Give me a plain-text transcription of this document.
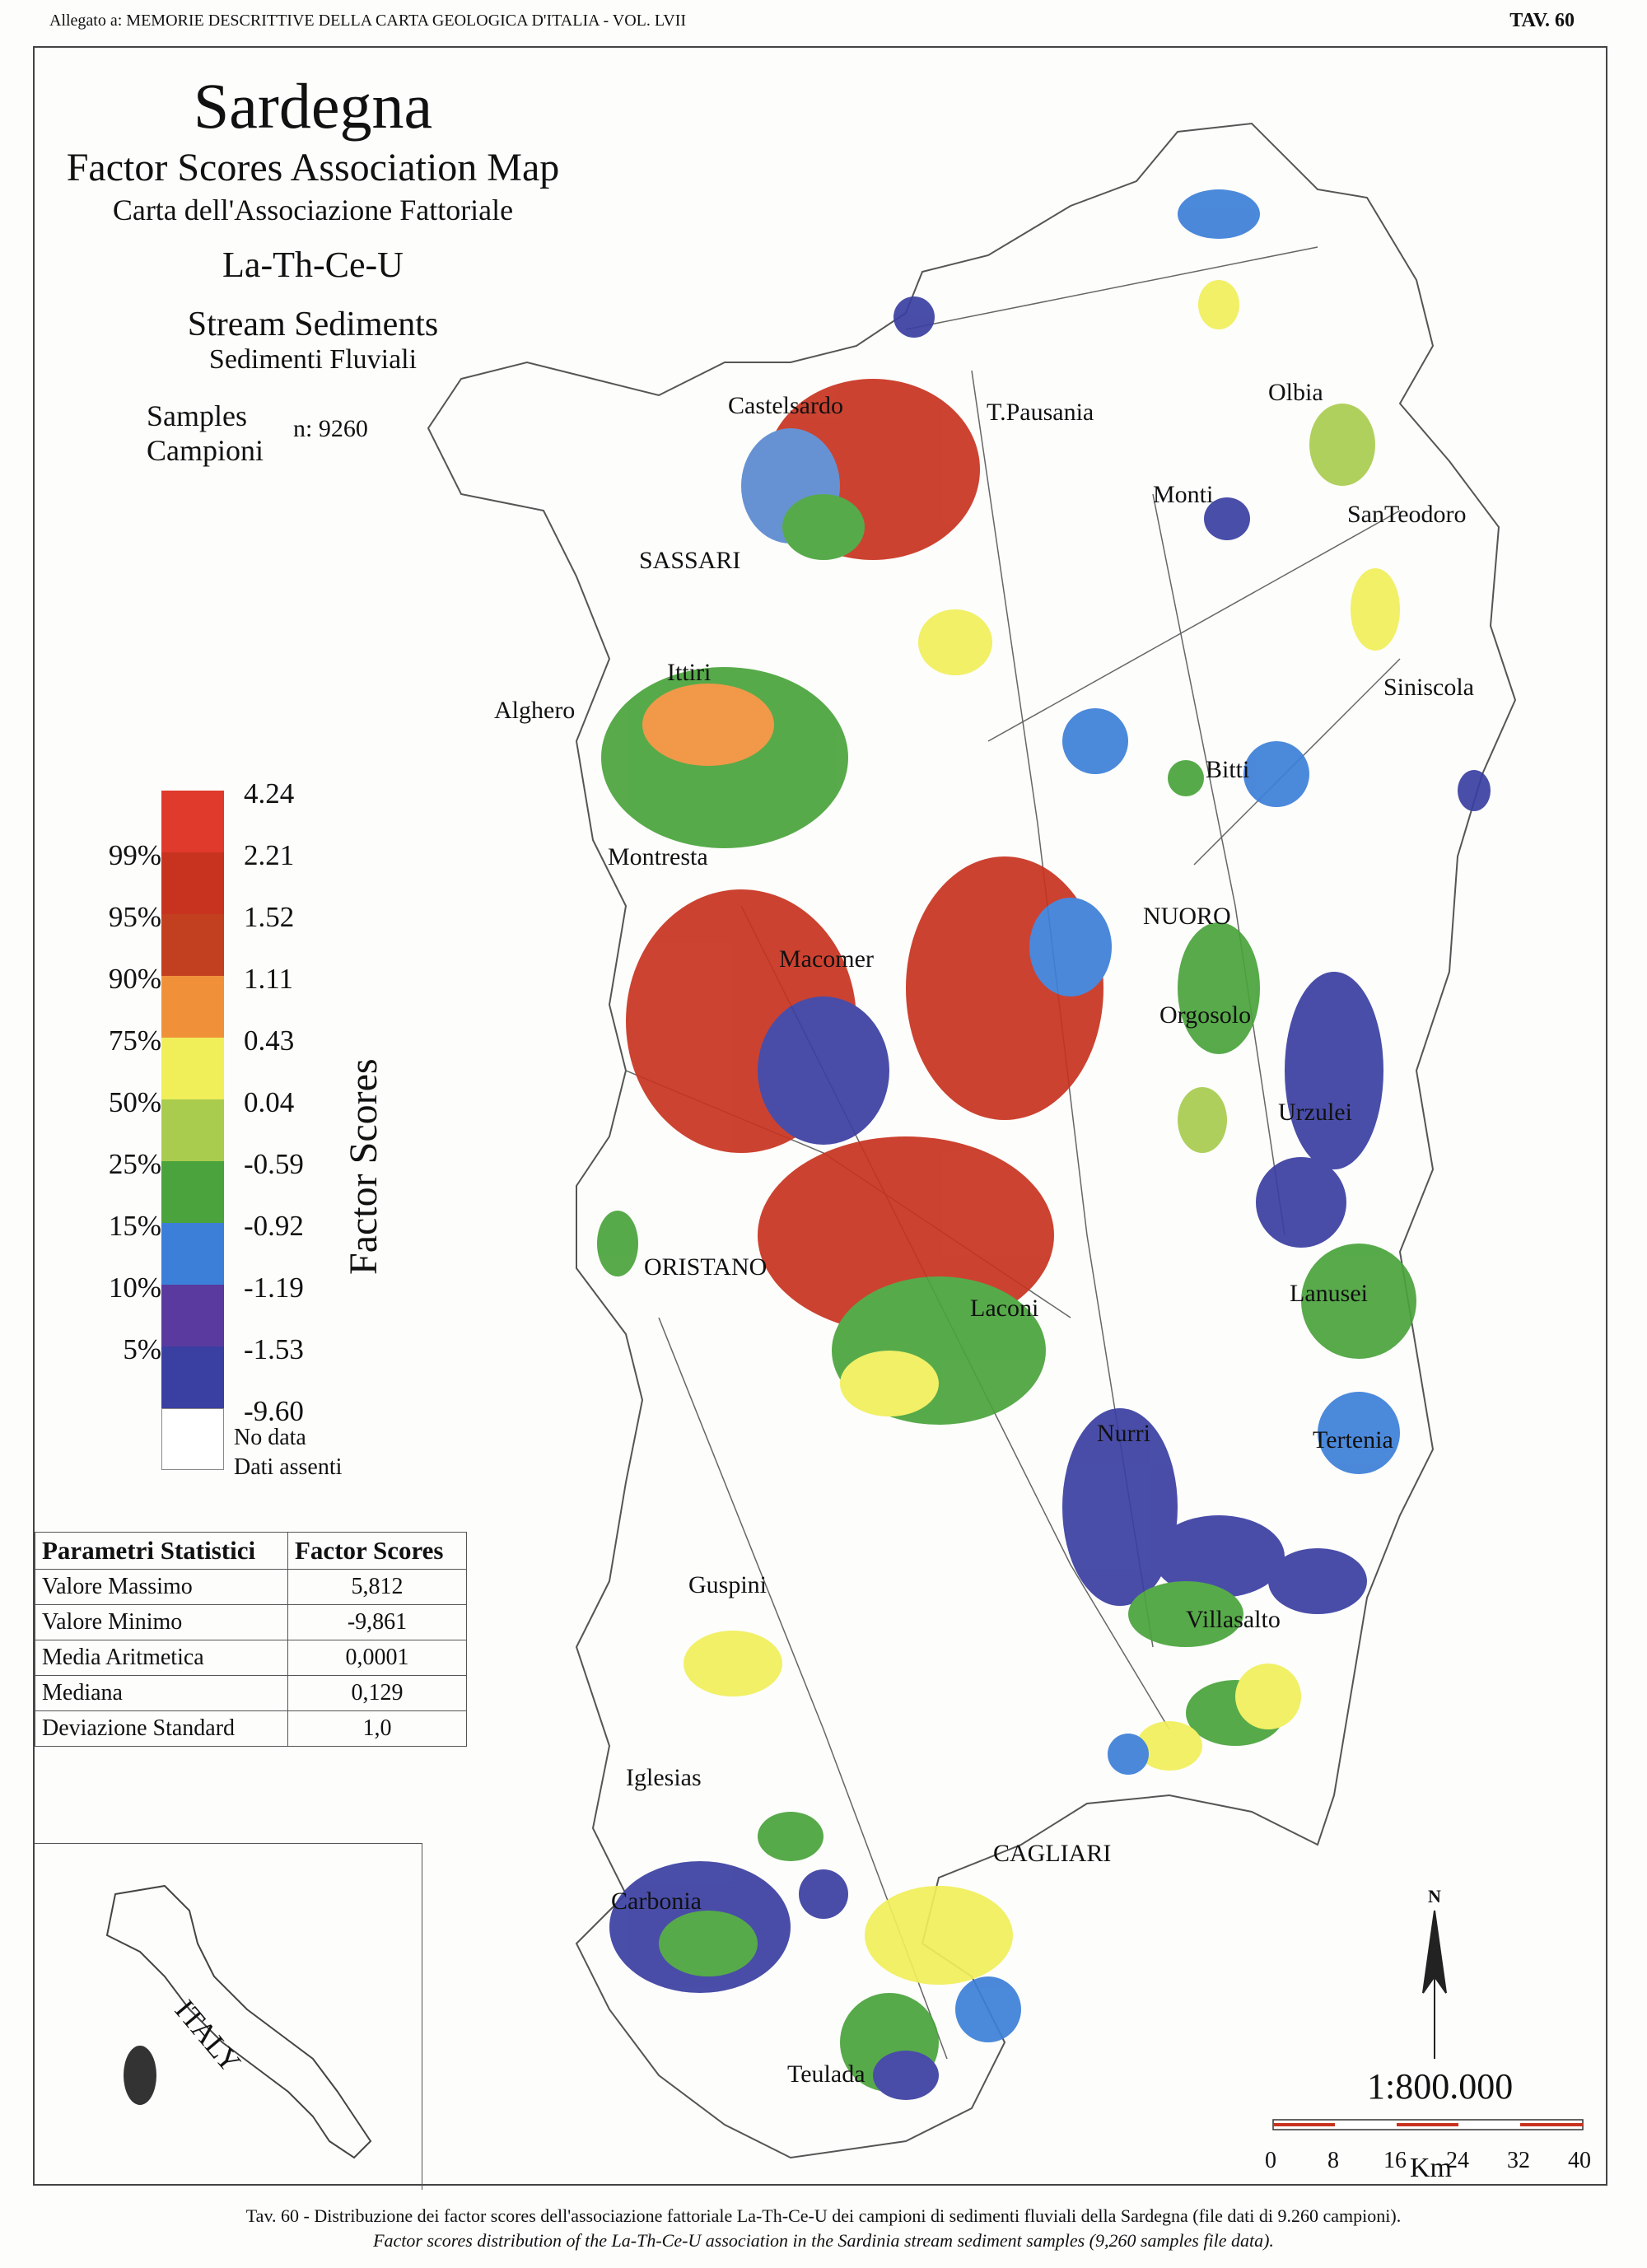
Allegato a: MEMORIE DESCRITTIVE DELLA CARTA GEOLOGICA D'ITALIA - VOL. LVII	TAV. 60
Sardegna
Factor Scores Association Map
Carta dell'Associazione Fattoriale
La-Th-Ce-U
Stream Sediments
Sedimenti Fluviali
Samples
Campioni
n: 9260
4.24
2.21
1.52
1.11
0.43
0.04
-0.59
-0.92
-1.19
-1.53
-9.60
No data
Dati assenti
99%
95%
90%
75%
50%
25%
15%
10%
5%
Factor Scores
Parametri Statistici	Factor Scores
Valore Massimo	5,812
Valore Minimo	-9,861
Media Aritmetica	0,0001
Mediana	0,129
Deviazione Standard	1,0
ITALY
Castelsardo	T.Pausania
Olbia
Monti
SanTeodoro
SASSARI
Ittiri
Alghero
Siniscola
Bitti
Montresta
NUORO
Macomer
Orgosolo
Urzulei
ORISTANO
Laconi
Lanusei
Nurri	Tertenia
Guspini
Villasalto
Iglesias
CAGLIARI
Carbonia
Teulada
N
1:800.000
0 8 16 24 32 40
Km
Tav. 60 - Distribuzione dei factor scores dell'associazione fattoriale La-Th-Ce-U dei campioni di sedimenti fluviali della Sardegna (file dati di 9.260 campioni).
Factor scores distribution of the La-Th-Ce-U association in the Sardinia stream sediment samples (9,260 samples file data).
